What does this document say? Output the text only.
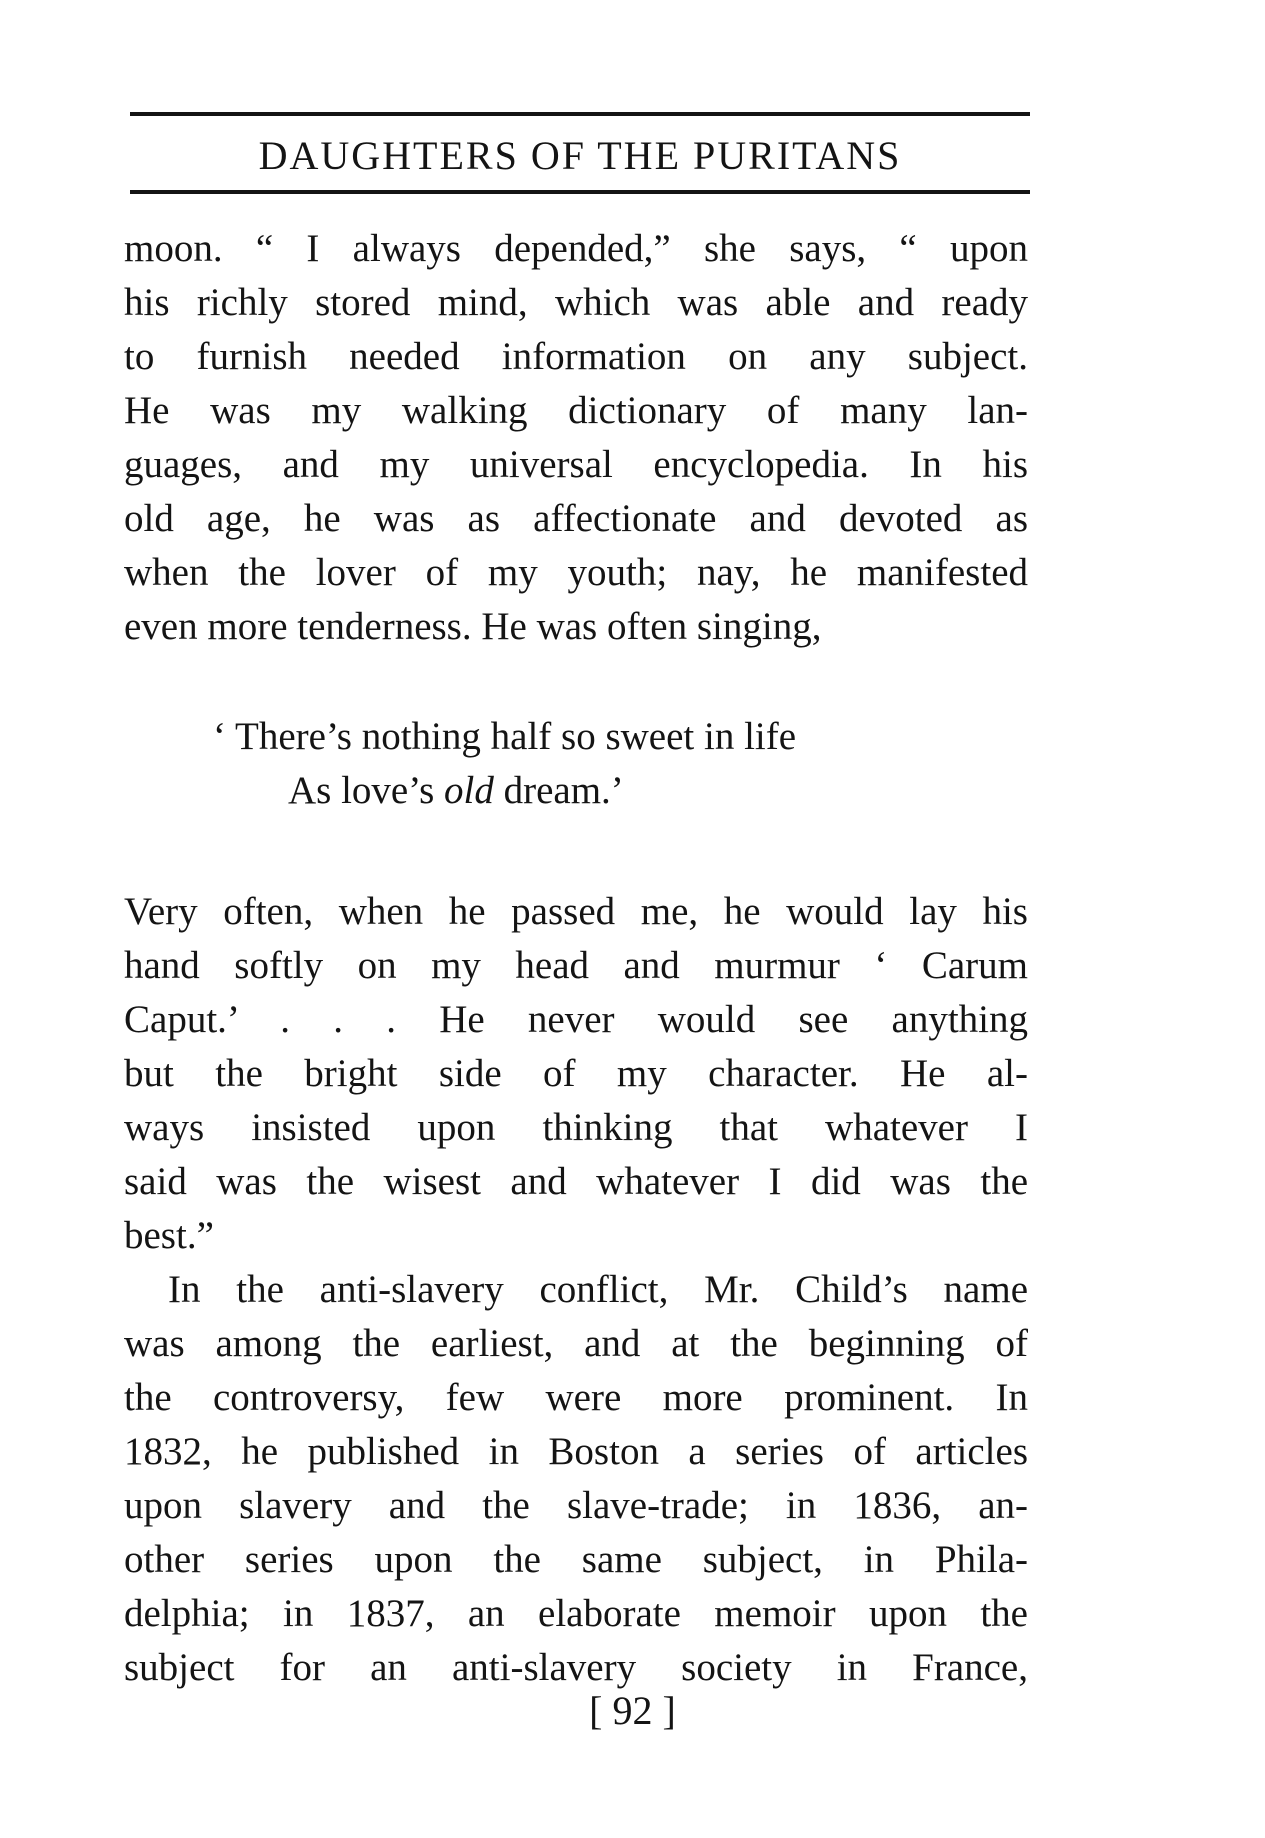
DAUGHTERS OF THE PURITANS
moon. “ I always depended,” she says, “ upon
his richly stored mind, which was able and ready
to furnish needed information on any subject.
He was my walking dictionary of many lan-
guages, and my universal encyclopedia. In his
old age, he was as affectionate and devoted as
when the lover of my youth; nay, he manifested
even more tenderness. He was often singing,
‘ There’s nothing half so sweet in life
As love’s old dream.’
Very often, when he passed me, he would lay his
hand softly on my head and murmur ‘ Carum
Caput.’ . . . He never would see anything
but the bright side of my character. He al-
ways insisted upon thinking that whatever I
said was the wisest and whatever I did was the
best.”
In the anti-slavery conflict, Mr. Child’s name
was among the earliest, and at the beginning of
the controversy, few were more prominent. In
1832, he published in Boston a series of articles
upon slavery and the slave-trade; in 1836, an-
other series upon the same subject, in Phila-
delphia; in 1837, an elaborate memoir upon the
subject for an anti-slavery society in France,
[ 92 ]
